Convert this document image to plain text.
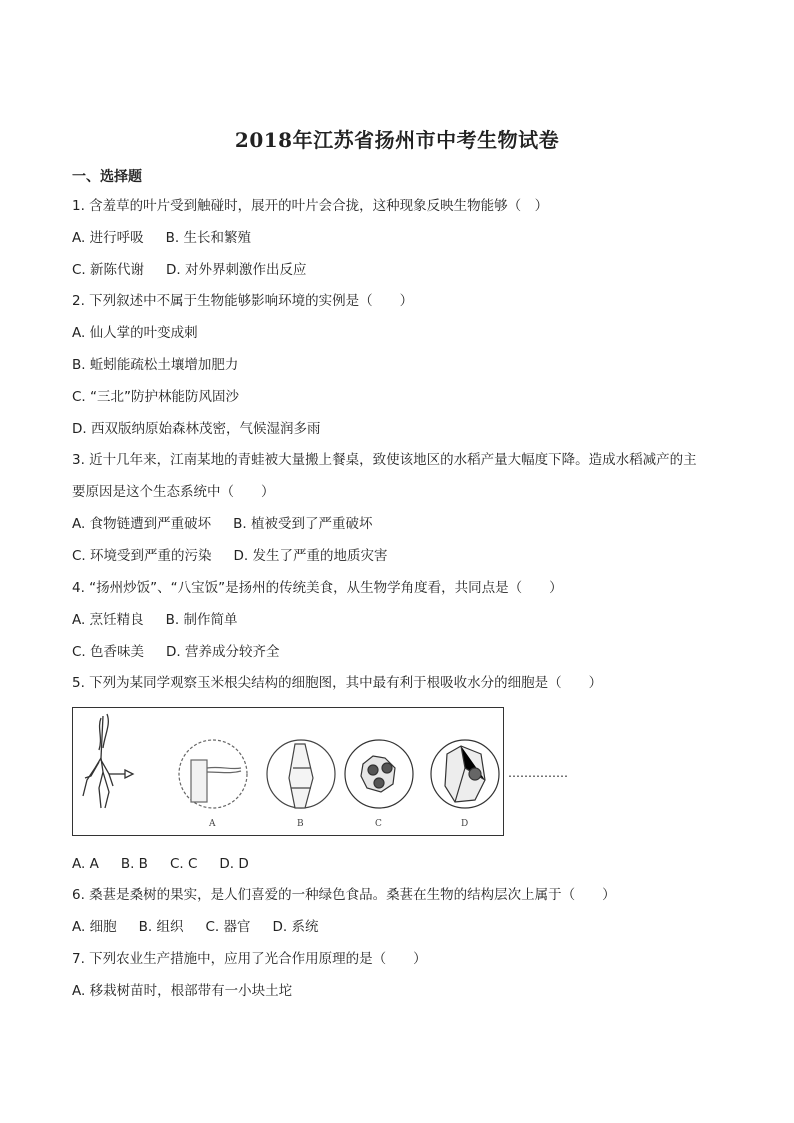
2018年江苏省扬州市中考生物试卷
一、选择题
1. 含羞草的叶片受到触碰时，展开的叶片会合拢，这种现象反映生物能够（　）
A. 进行呼吸 B. 生长和繁殖
C. 新陈代谢 D. 对外界刺激作出反应
2. 下列叙述中不属于生物能够影响环境的实例是（　　）
A. 仙人掌的叶变成刺
B. 蚯蚓能疏松土壤增加肥力
C. “三北”防护林能防风固沙
D. 西双版纳原始森林茂密，气候湿润多雨
3. 近十几年来，江南某地的青蛙被大量搬上餐桌，致使该地区的水稻产量大幅度下降。造成水稻减产的主
要原因是这个生态系统中（　　）
A. 食物链遭到严重破坏 B. 植被受到了严重破坏
C. 环境受到严重的污染 D. 发生了严重的地质灾害
4. “扬州炒饭”、“八宝饭”是扬州的传统美食，从生物学角度看，共同点是（　　）
A. 烹饪精良 B. 制作简单
C. 色香味美 D. 营养成分较齐全
5. 下列为某同学观察玉米根尖结构的细胞图，其中最有利于根吸收水分的细胞是（　　）
A	B	C	D
……………
A. A B. B C. C D. D
6. 桑葚是桑树的果实，是人们喜爱的一种绿色食品。桑葚在生物的结构层次上属于（　　）
A. 细胞 B. 组织 C. 器官 D. 系统
7. 下列农业生产措施中，应用了光合作用原理的是（　　）
A. 移栽树苗时，根部带有一小块土坨
